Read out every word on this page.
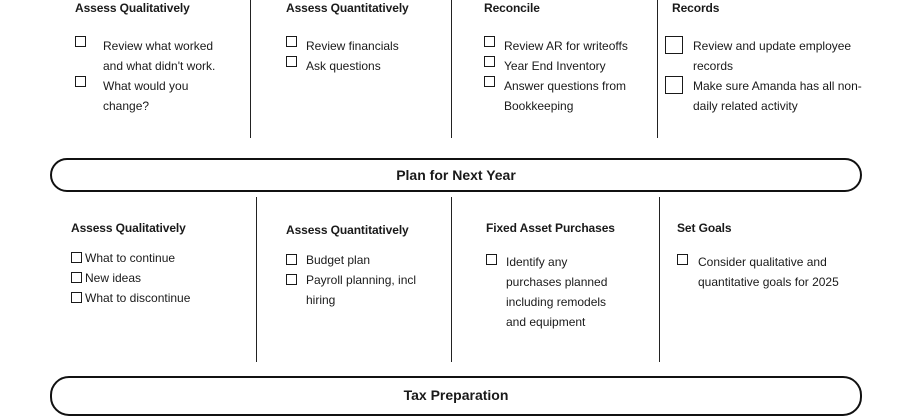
Assess Qualitatively
Review what worked
and what didn't work.
What would you
change?
Assess Quantitatively
Review financials
Ask questions
Reconcile
Review AR for writeoffs
Year End Inventory
Answer questions from
Bookkeeping
Records
Review and update employee
records
Make sure Amanda has all non-
daily related activity
Plan for Next Year
Assess Qualitatively
What to continue
New ideas
What to discontinue
Assess Quantitatively
Budget plan
Payroll planning, incl
hiring
Fixed Asset Purchases
Identify any
purchases planned
including remodels
and equipment
Set Goals
Consider qualitative and
quantitative goals for 2025
Tax Preparation
